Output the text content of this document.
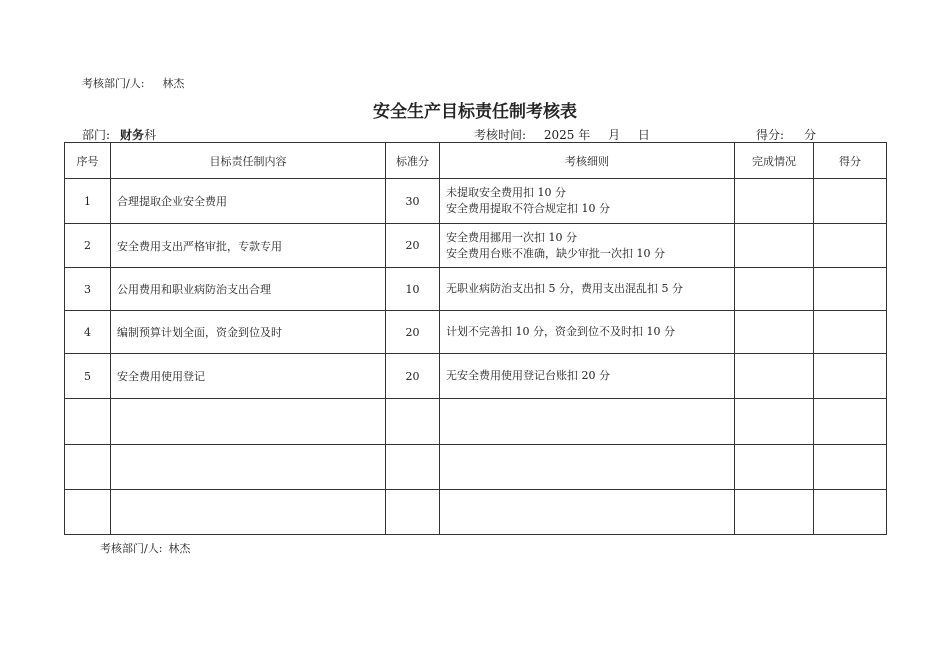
考核部门/人: 林杰
安全生产目标责任制考核表
部门: 财务科	考核时间: 2025 年 月 日	得分: 分
序号	目标责任制内容	标准分	考核细则	完成情况	得分
1	合理提取企业安全费用	30	未提取安全费用扣 10 分
安全费用提取不符合规定扣 10 分		

2	安全费用支出严格审批，专款专用	20	安全费用挪用一次扣 10 分
安全费用台账不准确，缺少审批一次扣 10 分		

3	公用费用和职业病防治支出合理	10	无职业病防治支出扣 5 分，费用支出混乱扣 5 分		

4	编制预算计划全面，资金到位及时	20	计划不完善扣 10 分，资金到位不及时扣 10 分		

5	安全费用使用登记	20	无安全费用使用登记台账扣 20 分		

考核部门/人: 林杰
